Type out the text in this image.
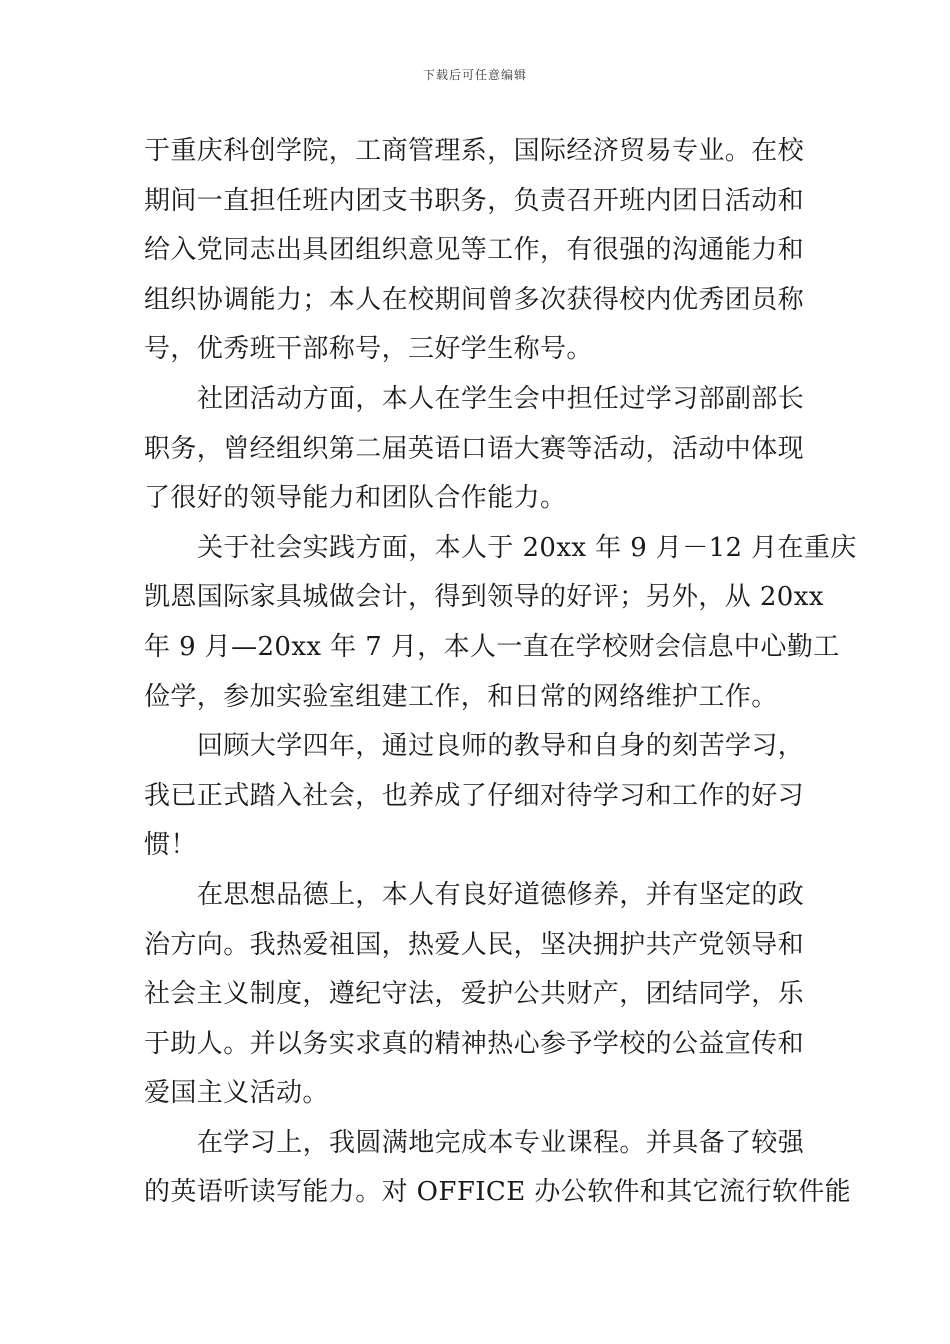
下载后可任意编辑
于重庆科创学院，工商管理系，国际经济贸易专业。在校
期间一直担任班内团支书职务，负责召开班内团日活动和
给入党同志出具团组织意见等工作，有很强的沟通能力和
组织协调能力；本人在校期间曾多次获得校内优秀团员称
号，优秀班干部称号，三好学生称号。
社团活动方面，本人在学生会中担任过学习部副部长
职务，曾经组织第二届英语口语大赛等活动，活动中体现
了很好的领导能力和团队合作能力。
关于社会实践方面，本人于 20xx 年 9 月－12 月在重庆
凯恩国际家具城做会计，得到领导的好评；另外，从 20xx
年 9 月—20xx 年 7 月，本人一直在学校财会信息中心勤工
俭学，参加实验室组建工作，和日常的网络维护工作。
回顾大学四年，通过良师的教导和自身的刻苦学习，
我已正式踏入社会，也养成了仔细对待学习和工作的好习
惯！
在思想品德上，本人有良好道德修养，并有坚定的政
治方向。我热爱祖国，热爱人民，坚决拥护共产党领导和
社会主义制度，遵纪守法，爱护公共财产，团结同学，乐
于助人。并以务实求真的精神热心参予学校的公益宣传和
爱国主义活动。
在学习上，我圆满地完成本专业课程。并具备了较强
的英语听读写能力。对 OFFICE 办公软件和其它流行软件能
